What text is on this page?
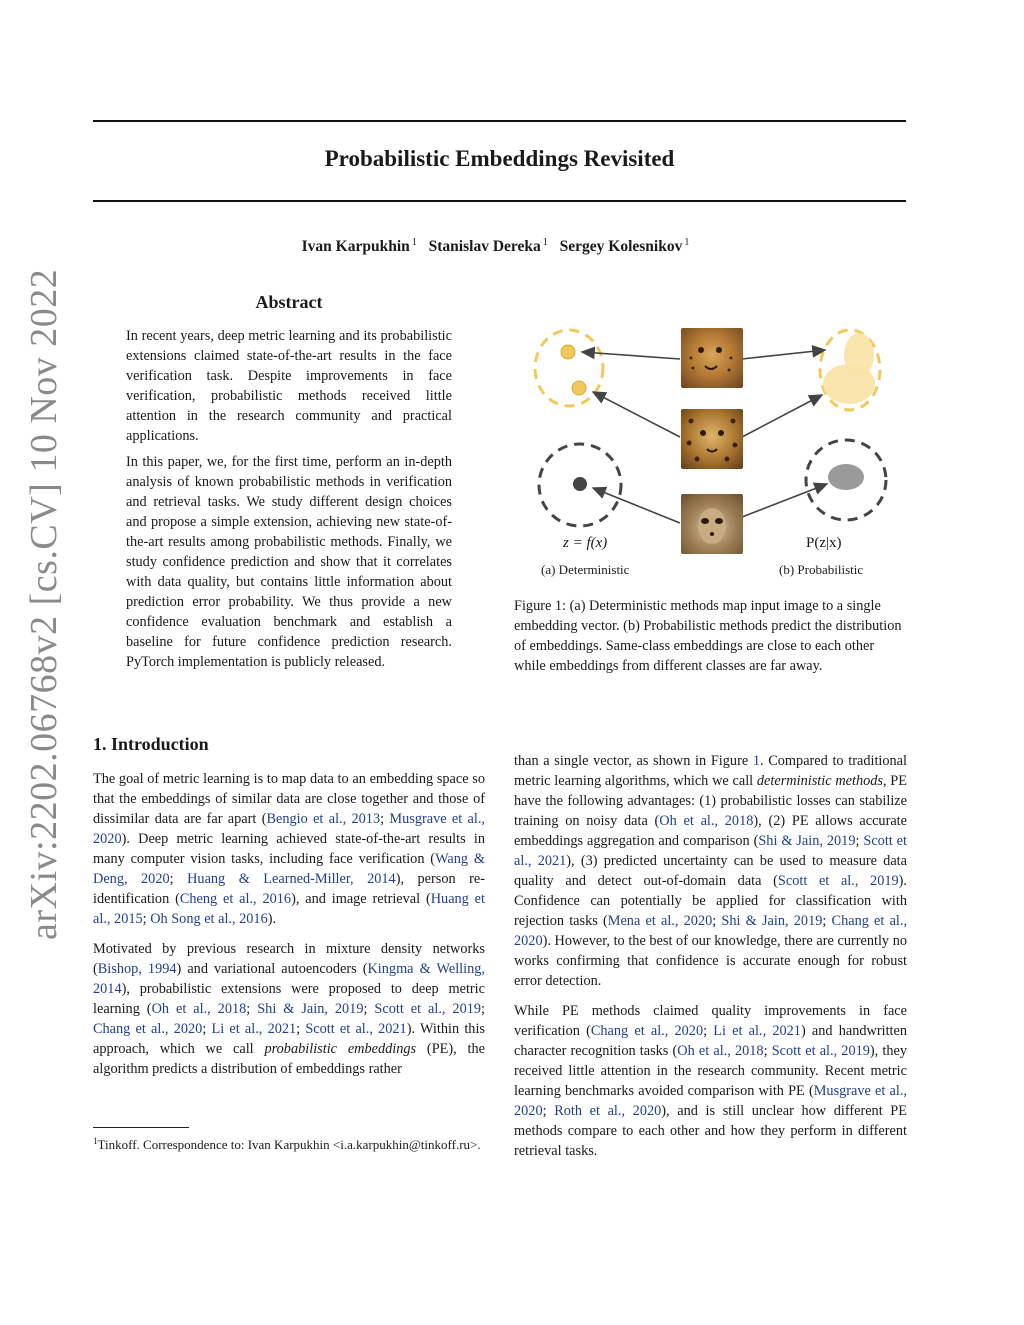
arXiv:2202.06768v2 [cs.CV] 10 Nov 2022
Probabilistic Embeddings Revisited
Ivan Karpukhin $^1$ Stanislav Dereka $^1$ Sergey Kolesnikov $^1$
Abstract

In recent years, deep metric learning and its probabilistic extensions claimed state-of-the-art results in the face verification task. Despite improvements in face verification, probabilistic methods received little attention in the research community and practical applications.

In this paper, we, for the first time, perform an in-depth analysis of known probabilistic methods in verification and retrieval tasks. We study different design choices and propose a simple extension, achieving new state-of-the-art results among probabilistic methods. Finally, we study confidence prediction and show that it correlates with data quality, but contains little information about prediction error probability. We thus provide a new confidence evaluation benchmark and establish a baseline for future confidence prediction research. PyTorch implementation is publicly released.

z = f(x)	P(z|x)
(a) Deterministic	(b) Probabilistic
Figure 1: (a) Deterministic methods map input image to a single embedding vector. (b) Probabilistic methods predict the distribution of embeddings. Same-class embeddings are close to each other while embeddings from different classes are far away.
1. Introduction

The goal of metric learning is to map data to an embedding space so that the embeddings of similar data are close together and those of dissimilar data are far apart (Bengio et al., 2013; Musgrave et al., 2020). Deep metric learning achieved state-of-the-art results in many computer vision tasks, including face verification (Wang & Deng, 2020; Huang & Learned-Miller, 2014), person re-identification (Cheng et al., 2016), and image retrieval (Huang et al., 2015; Oh Song et al., 2016).

Motivated by previous research in mixture density networks (Bishop, 1994) and variational autoencoders (Kingma & Welling, 2014), probabilistic extensions were proposed to deep metric learning (Oh et al., 2018; Shi & Jain, 2019; Scott et al., 2019; Chang et al., 2020; Li et al., 2021; Scott et al., 2021). Within this approach, which we call probabilistic embeddings (PE), the algorithm predicts a distribution of embeddings rather

$^1$Tinkoff. Correspondence to: Ivan Karpukhin <i.a.karpukhin@tinkoff.ru>.

than a single vector, as shown in Figure 1. Compared to traditional metric learning algorithms, which we call deterministic methods, PE have the following advantages: (1) probabilistic losses can stabilize training on noisy data (Oh et al., 2018), (2) PE allows accurate embeddings aggregation and comparison (Shi & Jain, 2019; Scott et al., 2021), (3) predicted uncertainty can be used to measure data quality and detect out-of-domain data (Scott et al., 2019). Confidence can potentially be applied for classification with rejection tasks (Mena et al., 2020; Shi & Jain, 2019; Chang et al., 2020). However, to the best of our knowledge, there are currently no works confirming that confidence is accurate enough for robust error detection.

While PE methods claimed quality improvements in face verification (Chang et al., 2020; Li et al., 2021) and handwritten character recognition tasks (Oh et al., 2018; Scott et al., 2019), they received little attention in the research community. Recent metric learning benchmarks avoided comparison with PE (Musgrave et al., 2020; Roth et al., 2020), and is still unclear how different PE methods compare to each other and how they perform in different retrieval tasks.
